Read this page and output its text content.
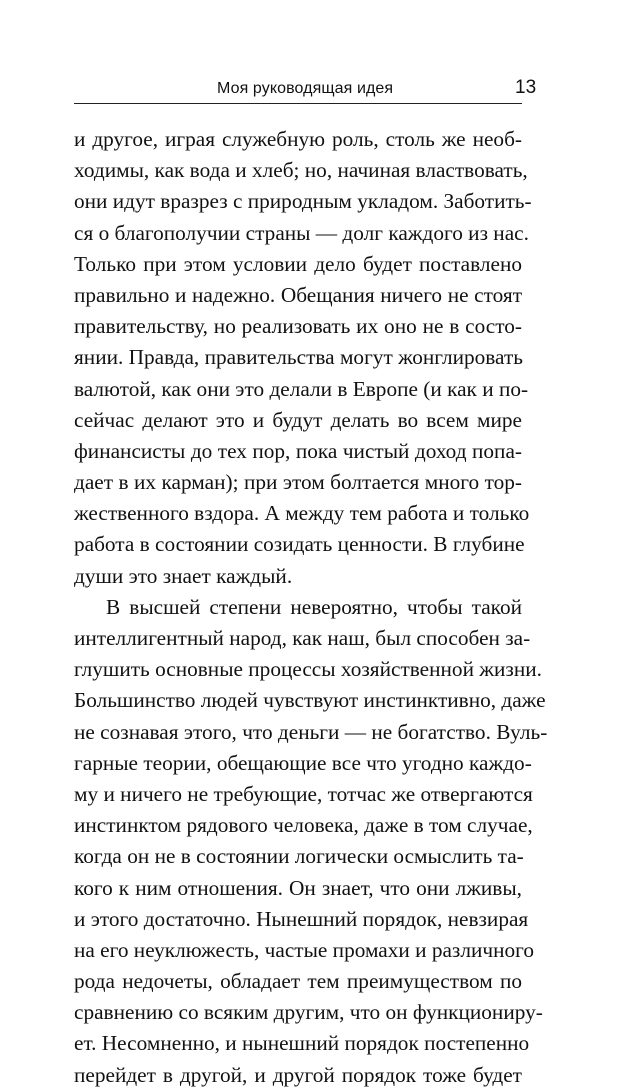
Моя руководящая идея	13
и другое, играя служебную роль, столь же необ-
ходимы, как вода и хлеб; но, начиная властвовать,
они идут вразрез с природным укладом. Заботить-
ся о благополучии страны — долг каждого из нас.
Только при этом условии дело будет поставлено
правильно и надежно. Обещания ничего не стоят
правительству, но реализовать их оно не в состо-
янии. Правда, правительства могут жонглировать
валютой, как они это делали в Европе (и как и по-
сейчас делают это и будут делать во всем мире
финансисты до тех пор, пока чистый доход попа-
дает в их карман); при этом болтается много тор-
жественного вздора. А между тем работа и только
работа в состоянии созидать ценности. В глубине
души это знает каждый.
В высшей степени невероятно, чтобы такой
интеллигентный народ, как наш, был способен за-
глушить основные процессы хозяйственной жизни.
Большинство людей чувствуют инстинктивно, даже
не сознавая этого, что деньги — не богатство. Вуль-
гарные теории, обещающие все что угодно каждо-
му и ничего не требующие, тотчас же отвергаются
инстинктом рядового человека, даже в том случае,
когда он не в состоянии логически осмыслить та-
кого к ним отношения. Он знает, что они лживы,
и этого достаточно. Нынешний порядок, невзирая
на его неуклюжесть, частые промахи и различного
рода недочеты, обладает тем преимуществом по
сравнению со всяким другим, что он функциониру-
ет. Несомненно, и нынешний порядок постепенно
перейдет в другой, и другой порядок тоже будет
